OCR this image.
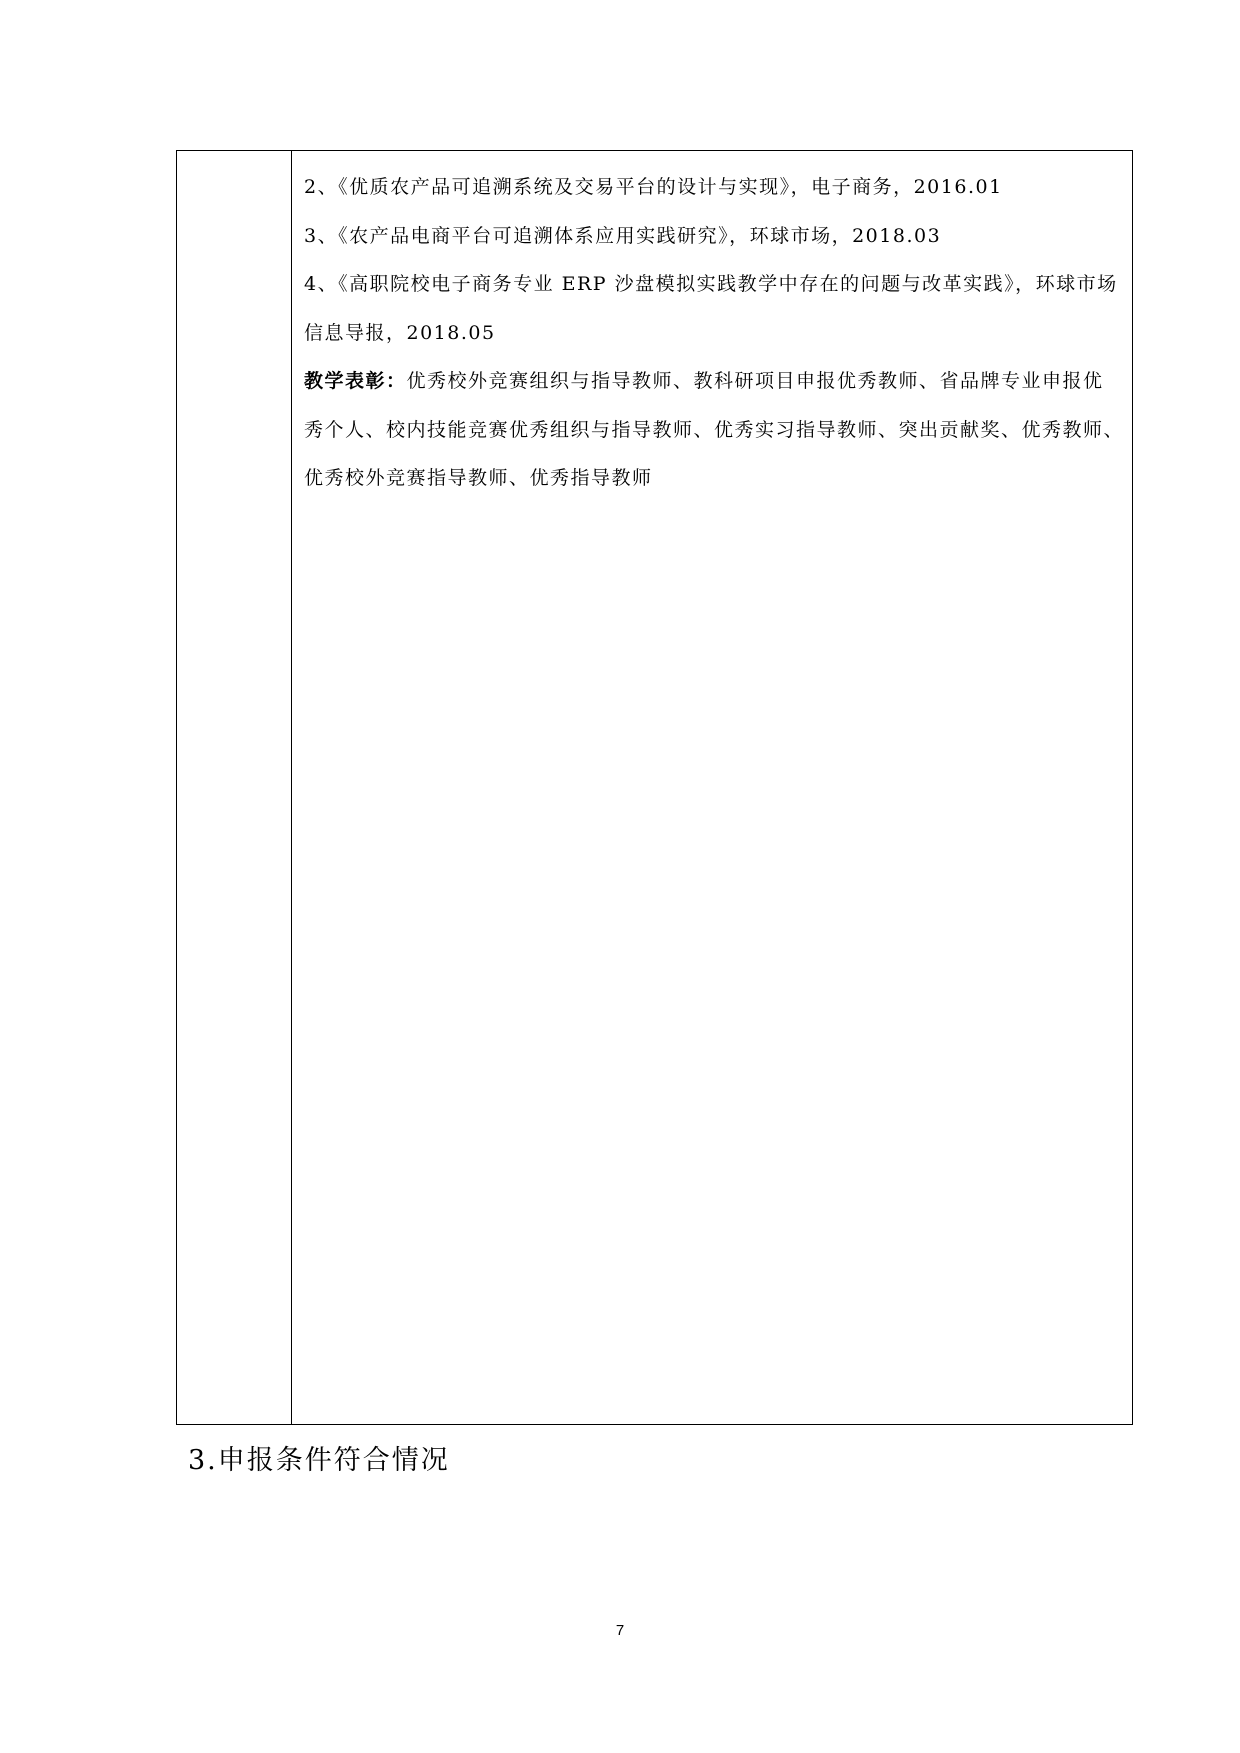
2、《优质农产品可追溯系统及交易平台的设计与实现》，电子商务，2016.01

3、《农产品电商平台可追溯体系应用实践研究》，环球市场，2018.03

4、《高职院校电子商务专业 ERP 沙盘模拟实践教学中存在的问题与改革实践》，环球市场信息导报，2018.05

教学表彰：优秀校外竞赛组织与指导教师、教科研项目申报优秀教师、省品牌专业申报优秀个人、校内技能竞赛优秀组织与指导教师、优秀实习指导教师、突出贡献奖、优秀教师、 优秀校外竞赛指导教师、优秀指导教师

3.申报条件符合情况
7
